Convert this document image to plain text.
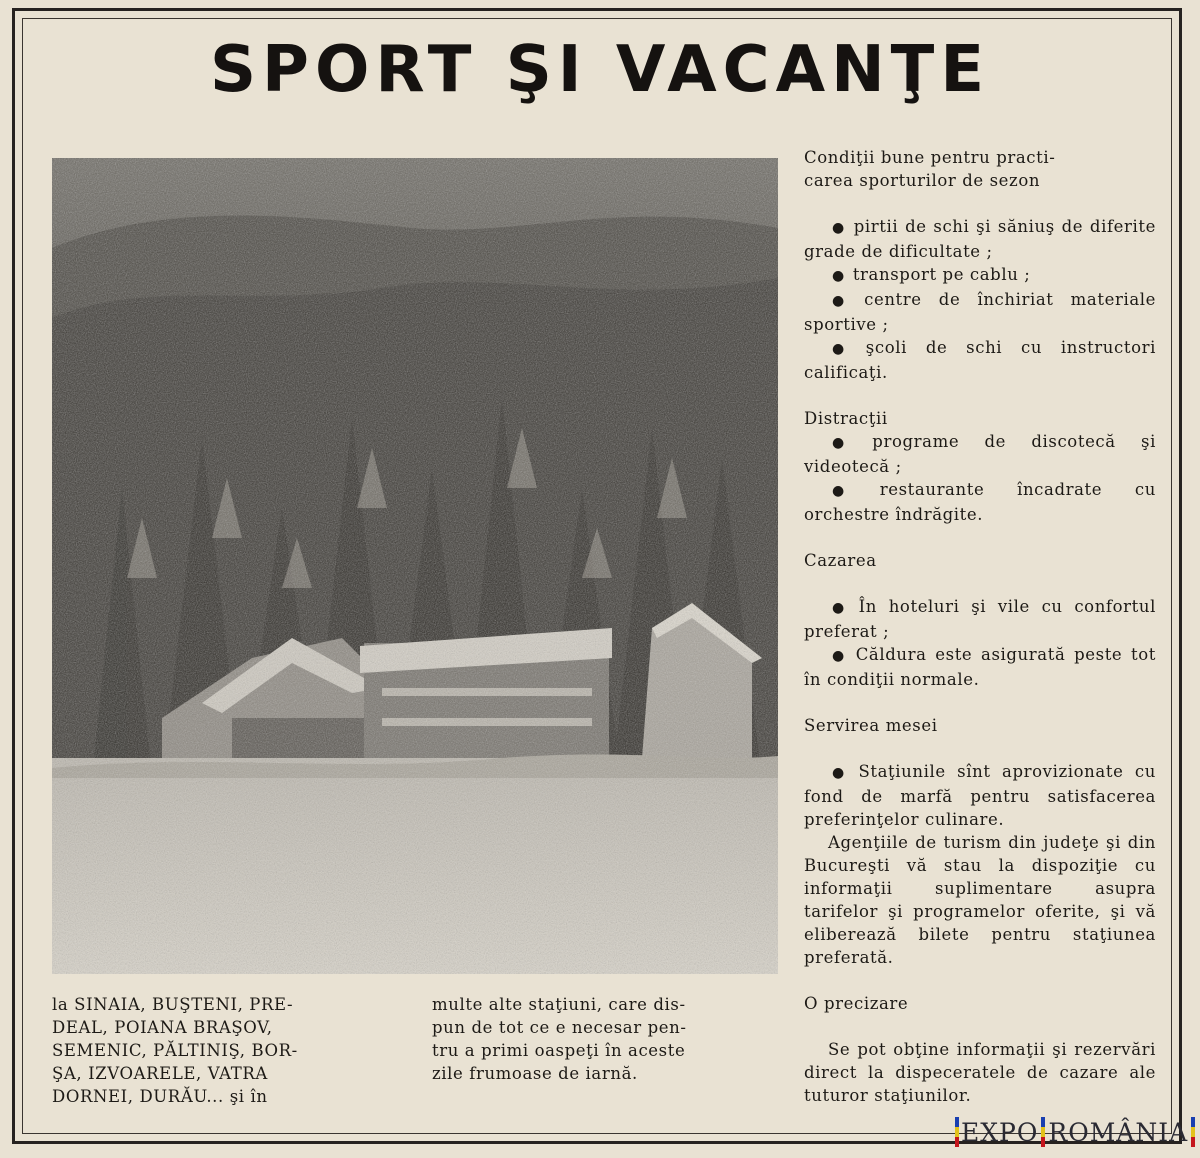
SPORT ŞI VACANŢE
la SINAIA, BUŞTENI, PRE-
DEAL, POIANA BRAŞOV,
SEMENIC, PĂLTINIŞ, BOR-
ŞA, IZVOARELE, VATRA
DORNEI, DURĂU... şi în
multe alte staţiuni, care dis-
pun de tot ce e necesar pen-
tru a primi oaspeţi în aceste
zile frumoase de iarnă.

Condiţii bune pentru practi-
carea sporturilor de sezon

● pirtii de schi şi săniuş de diferite grade de dificultate ;

● transport pe cablu ;

● centre de închiriat materiale sportive ;

● şcoli de schi cu instructori calificaţi.

Distracţii

● programe de discotecă şi videotecă ;

● restaurante încadrate cu orchestre îndrăgite.

Cazarea

● În hoteluri şi vile cu confortul preferat ;

● Căldura este asigurată peste tot în condiţii normale.

Servirea mesei

● Staţiunile sînt aprovizionate cu fond de marfă pentru satisfacerea preferinţelor culinare.

Agenţiile de turism din judeţe şi din Bucureşti vă stau la dispoziţie cu informaţii suplimentare asupra tarifelor şi programelor oferite, şi vă eliberează bilete pentru staţiunea preferată.

O precizare

Se pot obţine informaţii şi rezervări direct la dispeceratele de cazare ale tuturor staţiunilor.

EXPO ROMÂNIA
